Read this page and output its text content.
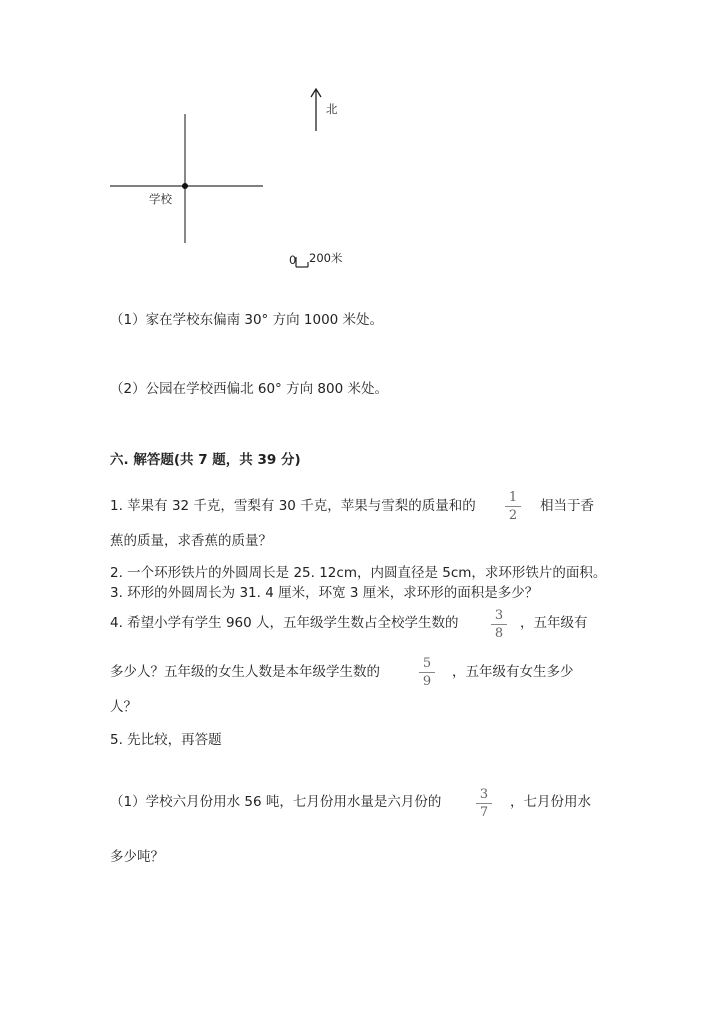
北
学校
0 200米
（1）家在学校东偏南 30° 方向 1000 米处。
（2）公园在学校西偏北 60° 方向 800 米处。
六. 解答题(共 7 题，共 39 分)
1. 苹果有 32 千克，雪梨有 30 千克，苹果与雪梨的质量和的
1
2
相当于香
蕉的质量，求香蕉的质量？
2. 一个环形铁片的外圆周长是 25. 12cm，内圆直径是 5cm，求环形铁片的面积。
3. 环形的外圆周长为 31. 4 厘米，环宽 3 厘米，求环形的面积是多少？
4. 希望小学有学生 960 人，五年级学生数占全校学生数的	3
8
，五年级有
多少人？五年级的女生人数是本年级学生数的
5
9
，五年级有女生多少
人？
5. 先比较，再答题
（1）学校六月份用水 56 吨，七月份用水量是六月份的	3
7
，七月份用水
多少吨？
